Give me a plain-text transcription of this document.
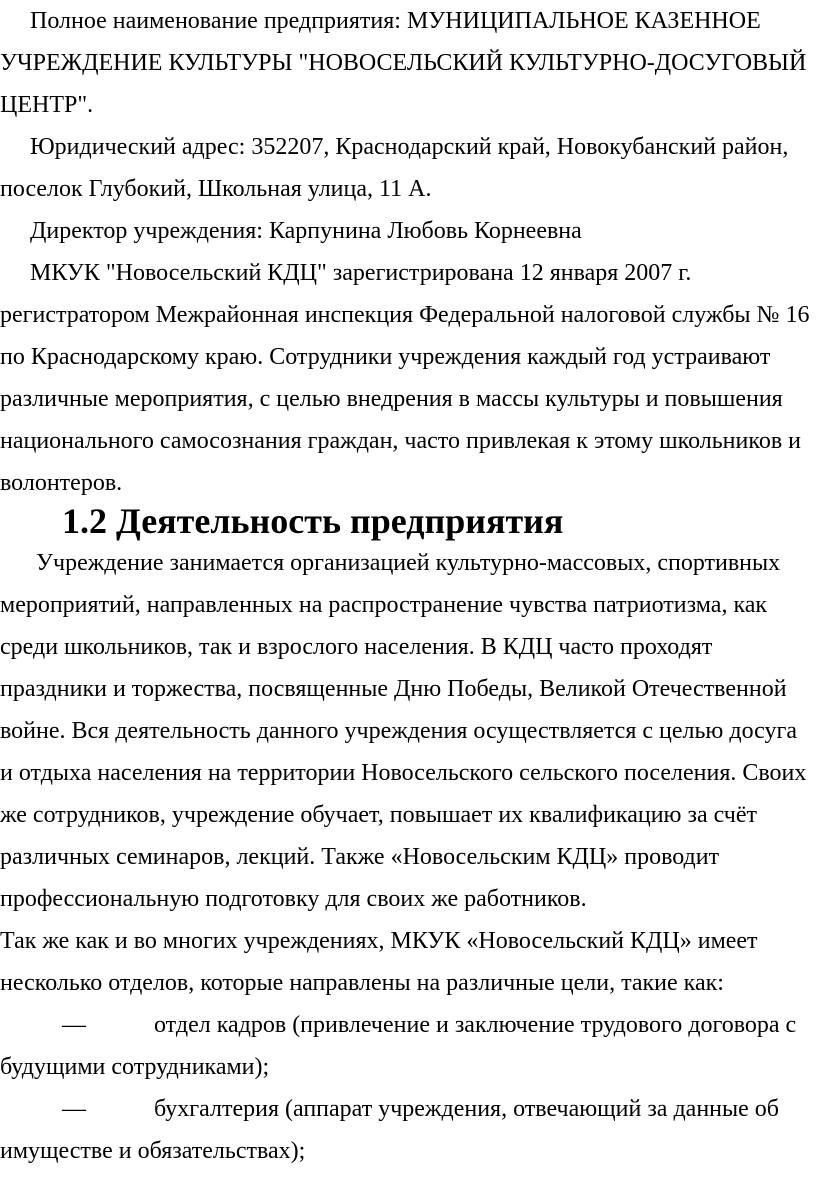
Полное наименование предприятия: МУНИЦИПАЛЬНОЕ КАЗЕННОЕ УЧРЕЖДЕНИЕ КУЛЬТУРЫ "НОВОСЕЛЬСКИЙ КУЛЬТУРНО-ДОСУГОВЫЙ ЦЕНТР".

Юридический адрес: 352207, Краснодарский край, Новокубанский район, поселок Глубокий, Школьная улица, 11 А.

Директор учреждения: Карпунина Любовь Корнеевна

МКУК "Новосельский КДЦ" зарегистрирована 12 января 2007 г. регистратором Межрайонная инспекция Федеральной налоговой службы № 16 по Краснодарскому краю. Сотрудники учреждения каждый год устраивают различные мероприятия, с целью внедрения в массы культуры и повышения национального самосознания граждан, часто привлекая к этому школьников и волонтеров.

1.2 Деятельность предприятия

Учреждение занимается организацией культурно-массовых, спортивных мероприятий, направленных на распространение чувства патриотизма, как среди школьников, так и взрослого населения. В КДЦ часто проходят праздники и торжества, посвященные Дню Победы, Великой Отечественной войне. Вся деятельность данного учреждения осуществляется с целью досуга и отдыха населения на территории Новосельского сельского поселения. Своих же сотрудников, учреждение обучает, повышает их квалификацию за счёт различных семинаров, лекций. Также «Новосельским КДЦ» проводит профессиональную подготовку для своих же работников.

Так же как и во многих учреждениях, МКУК «Новосельский КДЦ» имеет несколько отделов, которые направлены на различные цели, такие как:

—	отдел кадров (привлечение и заключение трудового договора с будущими сотрудниками);

—	бухгалтерия (аппарат учреждения, отвечающий за данные об имуществе и обязательствах);
